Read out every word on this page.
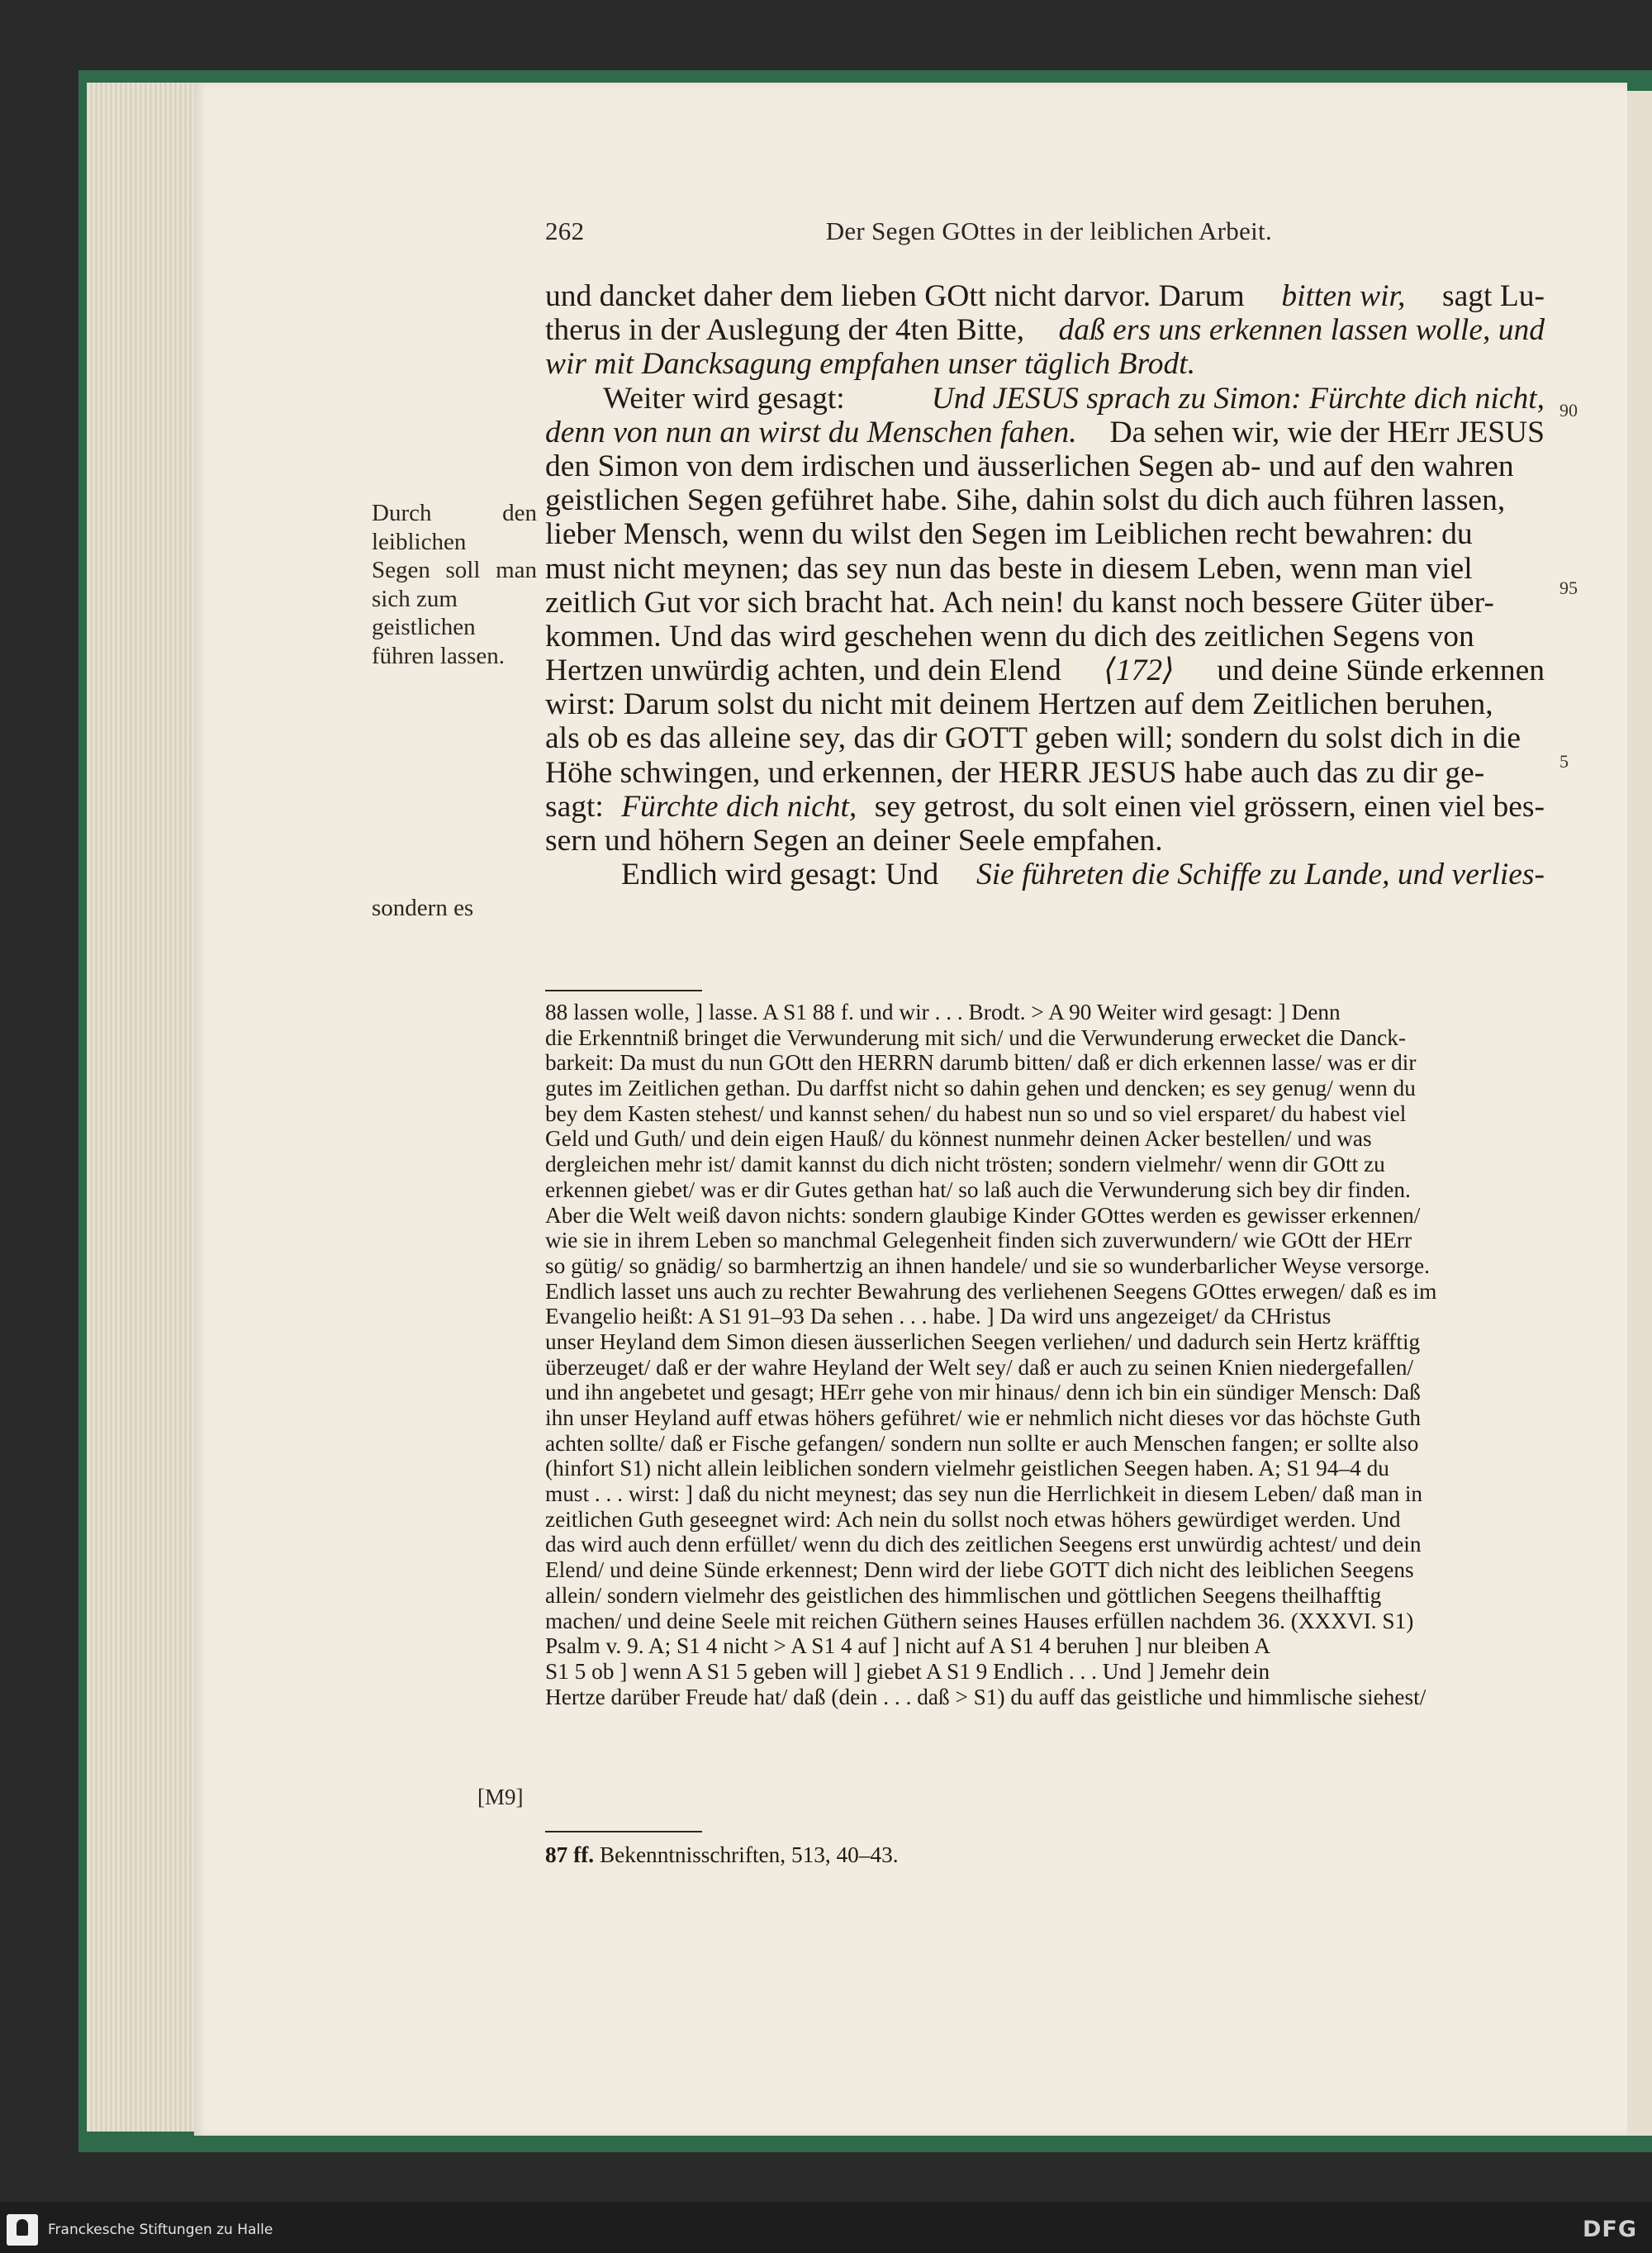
262	Der Segen GOttes in der leiblichen Arbeit.
und dancket daher dem lieben GOtt nicht darvor. Darum bitten wir, sagt Lu-
therus in der Auslegung der 4ten Bitte, daß ers uns erkennen lassen wolle, und
wir mit Dancksagung empfahen unser täglich Brodt.
Weiter wird gesagt:	Und JESUS sprach zu Simon: Fürchte dich nicht,
denn von nun an wirst du Menschen fahen. Da sehen wir, wie der HErr JESUS
den Simon von dem irdischen und äusserlichen Segen ab- und auf den wahren
geistlichen Segen geführet habe. Sihe, dahin solst du dich auch führen lassen,
lieber Mensch, wenn du wilst den Segen im Leiblichen recht bewahren: du
must nicht meynen; das sey nun das beste in diesem Leben, wenn man viel
zeitlich Gut vor sich bracht hat. Ach nein! du kanst noch bessere Güter über-
kommen. Und das wird geschehen wenn du dich des zeitlichen Segens von
Hertzen unwürdig achten, und dein Elend ⟨172⟩ und deine Sünde erkennen
wirst: Darum solst du nicht mit deinem Hertzen auf dem Zeitlichen beruhen,
als ob es das alleine sey, das dir GOTT geben will; sondern du solst dich in die
Höhe schwingen, und erkennen, der HERR JESUS habe auch das zu dir ge-
sagt: Fürchte dich nicht, sey getrost, du solt einen viel grössern, einen viel bes-
sern und höhern Segen an deiner Seele empfahen.
Endlich wird gesagt: Und Sie führeten die Schiffe zu Lande, und verlies-
Durch	den
leiblichen
Segen soll man
sich
zum
geistlichen
führen lassen.
sondern es
[M9]
90
95
5
88 lassen wolle, ] lasse. A S1 88 f. und wir . . . Brodt. > A 90 Weiter wird gesagt: ] Denn
die Erkenntniß bringet die Verwunderung mit sich/ und die Verwunderung erwecket die Danck-
barkeit: Da must du nun GOtt den HERRN darumb bitten/ daß er dich erkennen lasse/ was er dir
gutes im Zeitlichen gethan. Du darffst nicht so dahin gehen und dencken; es sey genug/ wenn du
bey dem Kasten stehest/ und kannst sehen/ du habest nun so und so viel ersparet/ du habest viel
Geld und Guth/ und dein eigen Hauß/ du könnest nunmehr deinen Acker bestellen/ und was
dergleichen mehr ist/ damit kannst du dich nicht trösten; sondern vielmehr/ wenn dir GOtt zu
erkennen giebet/ was er dir Gutes gethan hat/ so laß auch die Verwunderung sich bey dir finden.
Aber die Welt weiß davon nichts: sondern glaubige Kinder GOttes werden es gewisser erkennen/
wie sie in ihrem Leben so manchmal Gelegenheit finden sich zuverwundern/ wie GOtt der HErr
so gütig/ so gnädig/ so barmhertzig an ihnen handele/ und sie so wunderbarlicher Weyse versorge.
Endlich lasset uns auch zu rechter Bewahrung des verliehenen Seegens GOttes erwegen/ daß es im
Evangelio heißt: A S1 91–93 Da sehen . . . habe. ] Da wird uns angezeiget/ da CHristus
unser Heyland dem Simon diesen äusserlichen Seegen verliehen/ und dadurch sein Hertz kräfftig
überzeuget/ daß er der wahre Heyland der Welt sey/ daß er auch zu seinen Knien niedergefallen/
und ihn angebetet und gesagt; HErr gehe von mir hinaus/ denn ich bin ein sündiger Mensch: Daß
ihn unser Heyland auff etwas höhers geführet/ wie er nehmlich nicht dieses vor das höchste Guth
achten sollte/ daß er Fische gefangen/ sondern nun sollte er auch Menschen fangen; er sollte also
(hinfort S1) nicht allein leiblichen sondern vielmehr geistlichen Seegen haben. A; S1 94–4 du
must . . . wirst: ] daß du nicht meynest; das sey nun die Herrlichkeit in diesem Leben/ daß man in
zeitlichen Guth geseegnet wird: Ach nein du sollst noch etwas höhers gewürdiget werden. Und
das wird auch denn erfüllet/ wenn du dich des zeitlichen Seegens erst unwürdig achtest/ und dein
Elend/ und deine Sünde erkennest; Denn wird der liebe GOTT dich nicht des leiblichen Seegens
allein/ sondern vielmehr des geistlichen des himmlischen und göttlichen Seegens theilhafftig
machen/ und deine Seele mit reichen Güthern seines Hauses erfüllen nachdem 36. (XXXVI. S1)
Psalm v. 9. A; S1 4 nicht > A S1 4 auf ] nicht auf A S1 4 beruhen ] nur bleiben A
S1 5 ob ] wenn A S1 5 geben will ] giebet A S1 9 Endlich . . . Und ] Jemehr dein
Hertze darüber Freude hat/ daß (dein . . . daß > S1) du auff das geistliche und himmlische siehest/
87 ff. Bekenntnisschriften, 513, 40–43.
Franckesche Stiftungen zu Halle	DFG
